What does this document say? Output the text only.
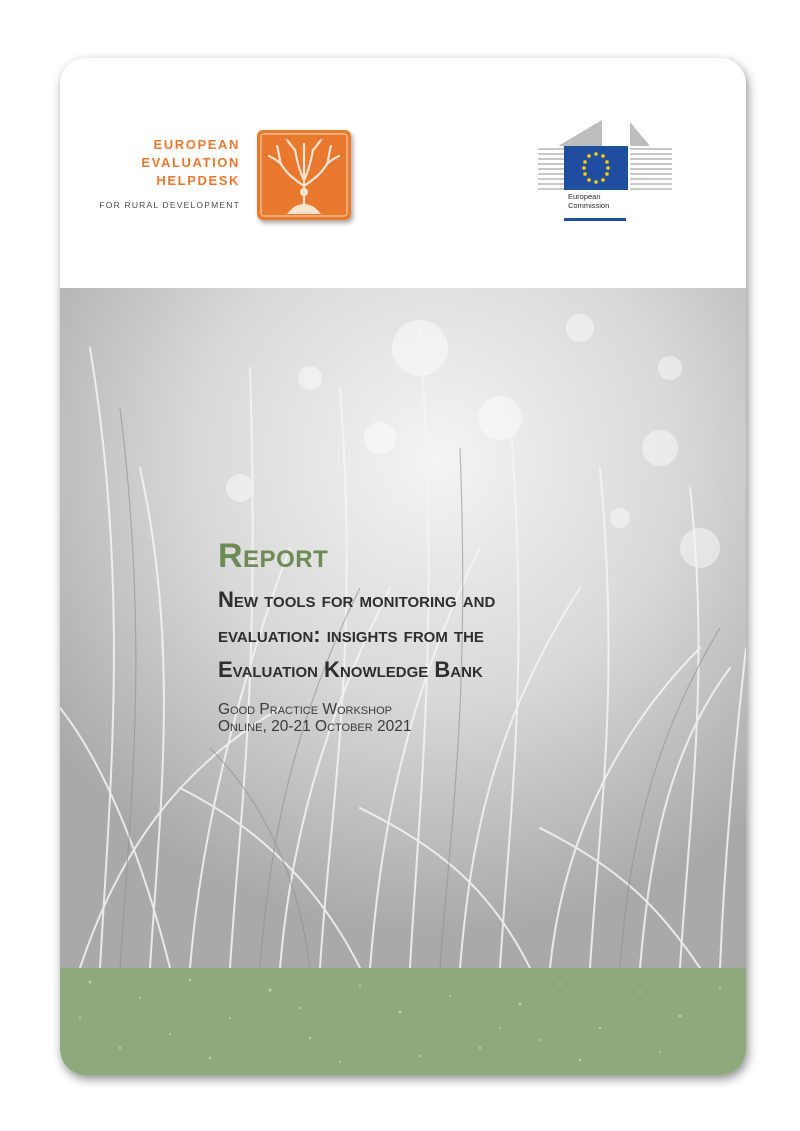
EUROPEAN
EVALUATION
HELPDESK
FOR RURAL DEVELOPMENT
European
Commission
Report
New tools for monitoring and
evaluation: insights from the
Evaluation Knowledge Bank
Good Practice Workshop
Online, 20-21 October 2021
